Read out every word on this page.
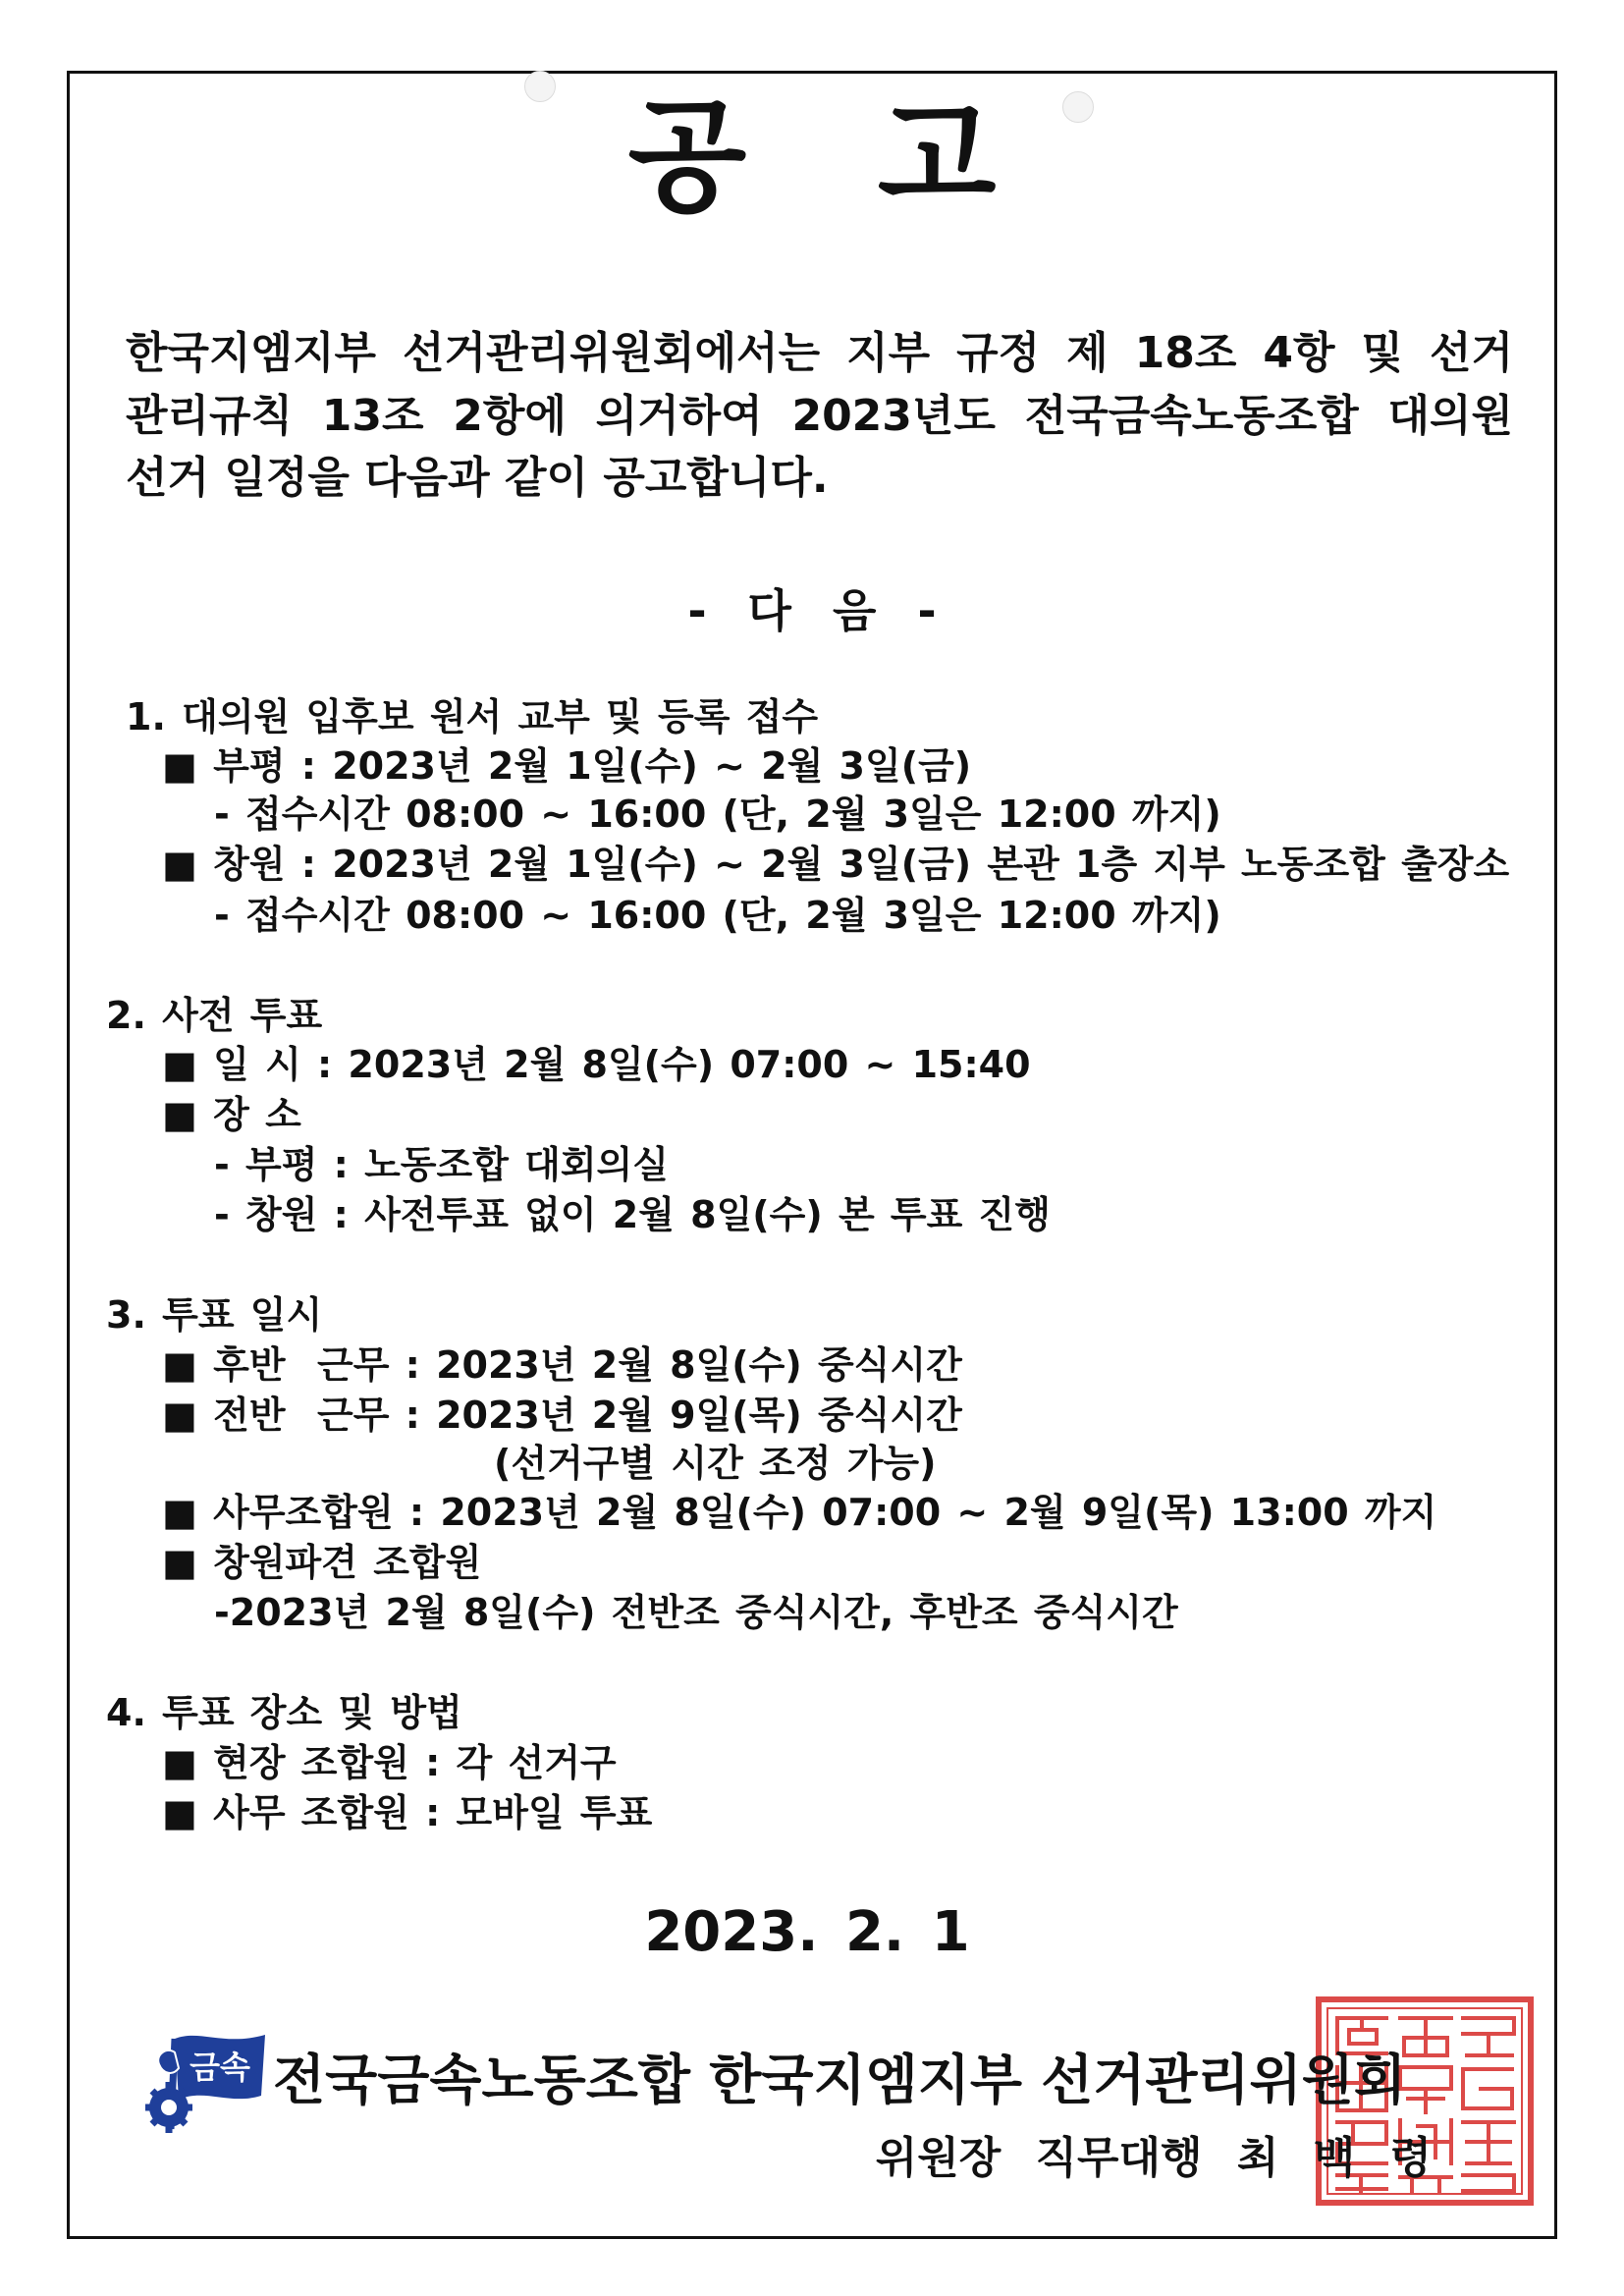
공 고
한국지엠지부 선거관리위원회에서는 지부 규정 제 18조 4항 및 선거
관리규칙 13조 2항에 의거하여 2023년도 전국금속노동조합 대의원
선거 일정을 다음과 같이 공고합니다.
- 다 음 -
1. 대의원 입후보 원서 교부 및 등록 접수
■ 부평 : 2023년 2월 1일(수) ~ 2월 3일(금)
- 접수시간 08:00 ~ 16:00 (단, 2월 3일은 12:00 까지)
■ 창원 : 2023년 2월 1일(수) ~ 2월 3일(금) 본관 1층 지부 노동조합 출장소
- 접수시간 08:00 ~ 16:00 (단, 2월 3일은 12:00 까지)
2. 사전 투표
■ 일 시 : 2023년 2월 8일(수) 07:00 ~ 15:40
■ 장 소
- 부평 : 노동조합 대회의실
- 창원 : 사전투표 없이 2월 8일(수) 본 투표 진행
3. 투표 일시
■ 후반  근무 : 2023년 2월 8일(수) 중식시간
■ 전반  근무 : 2023년 2월 9일(목) 중식시간
(선거구별 시간 조정 가능)
■ 사무조합원 : 2023년 2월 8일(수) 07:00 ~ 2월 9일(목) 13:00 까지
■ 창원파견 조합원
-2023년 2월 8일(수) 전반조 중식시간, 후반조 중식시간
4. 투표 장소 및 방법
■ 현장 조합원 : 각 선거구
■ 사무 조합원 : 모바일 투표
2023. 2. 1
금속 전국금속노동조합 한국지엠지부 선거관리위원회
위원장 직무대행 최 백 령
